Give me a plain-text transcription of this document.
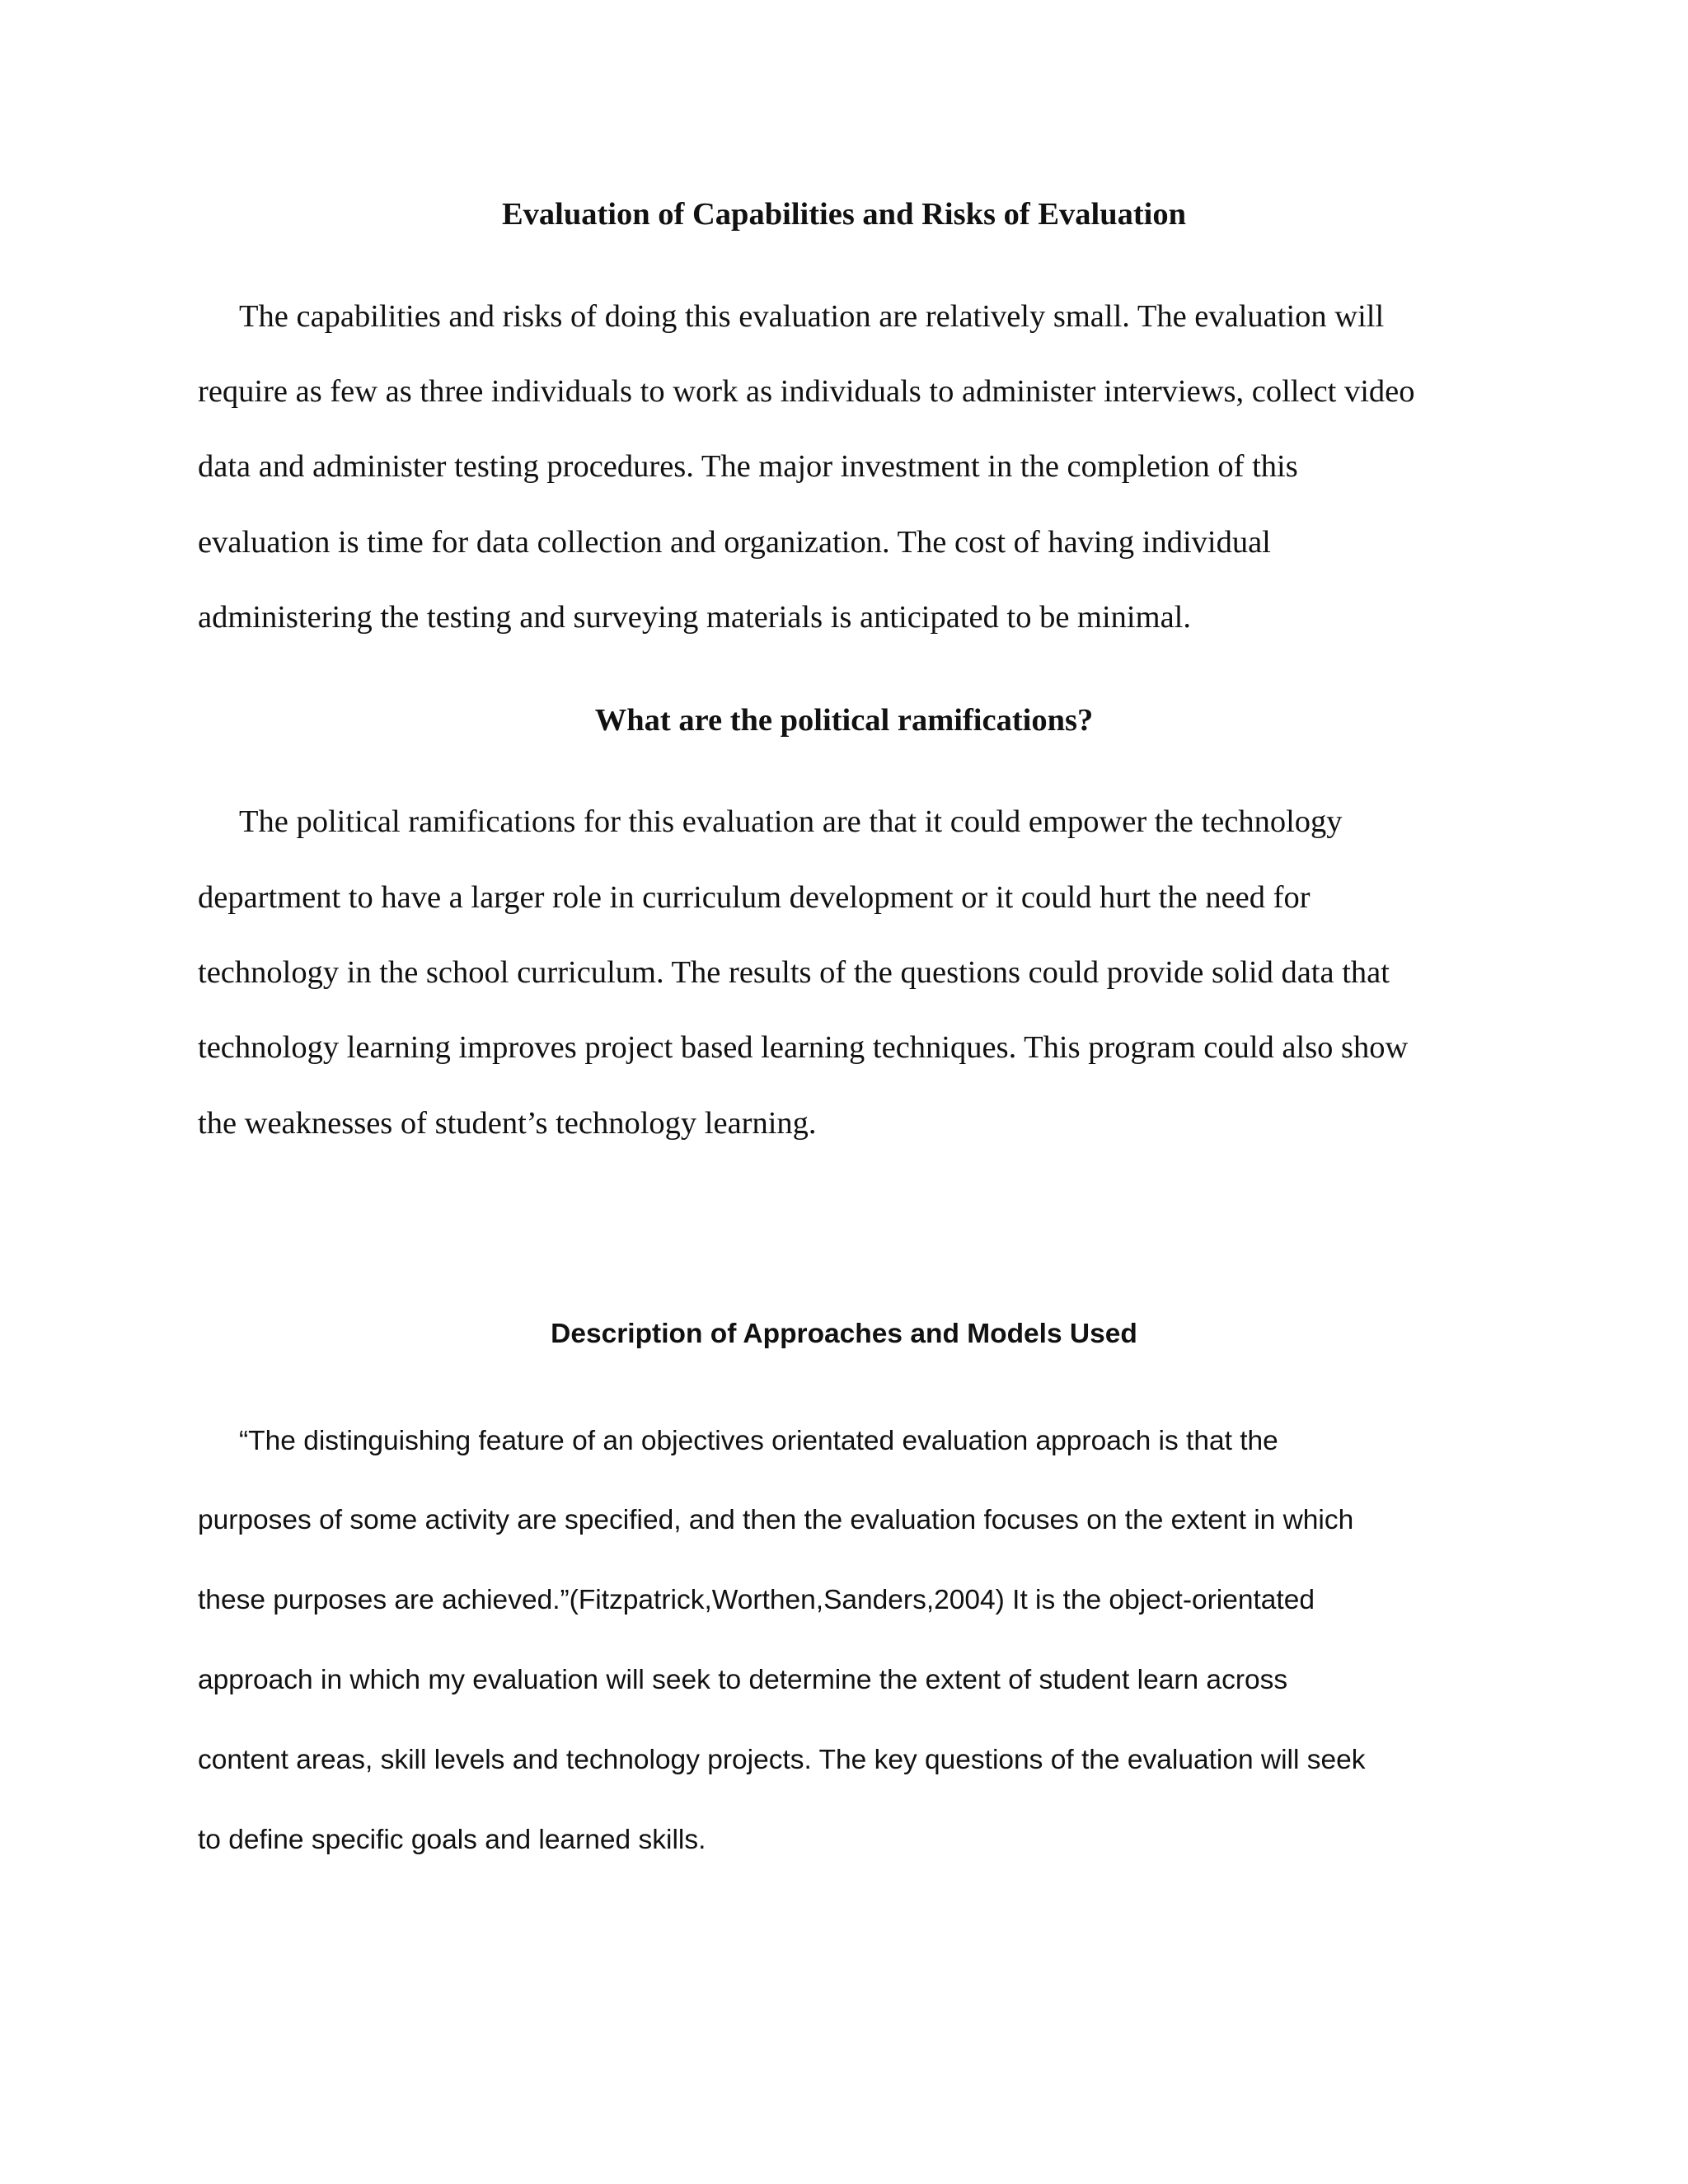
Evaluation of Capabilities and Risks of Evaluation

The capabilities and risks of doing this evaluation are relatively small. The evaluation will

require as few as three individuals to work as individuals to administer interviews, collect video

data and administer testing procedures. The major investment in the completion of this

evaluation is time for data collection and organization. The cost of having individual

administering the testing and surveying materials is anticipated to be minimal.

What are the political ramifications?

The political ramifications for this evaluation are that it could empower the technology

department to have a larger role in curriculum development or it could hurt the need for

technology in the school curriculum. The results of the questions could provide solid data that

technology learning improves project based learning techniques. This program could also show

the weaknesses of student’s technology learning.

Description of Approaches and Models Used

“The distinguishing feature of an objectives orientated evaluation approach is that the

purposes of some activity are specified, and then the evaluation focuses on the extent in which

these purposes are achieved.”(Fitzpatrick,Worthen,Sanders,2004) It is the object-orientated

approach in which my evaluation will seek to determine the extent of student learn across

content areas, skill levels and technology projects. The key questions of the evaluation will seek

to define specific goals and learned skills.
